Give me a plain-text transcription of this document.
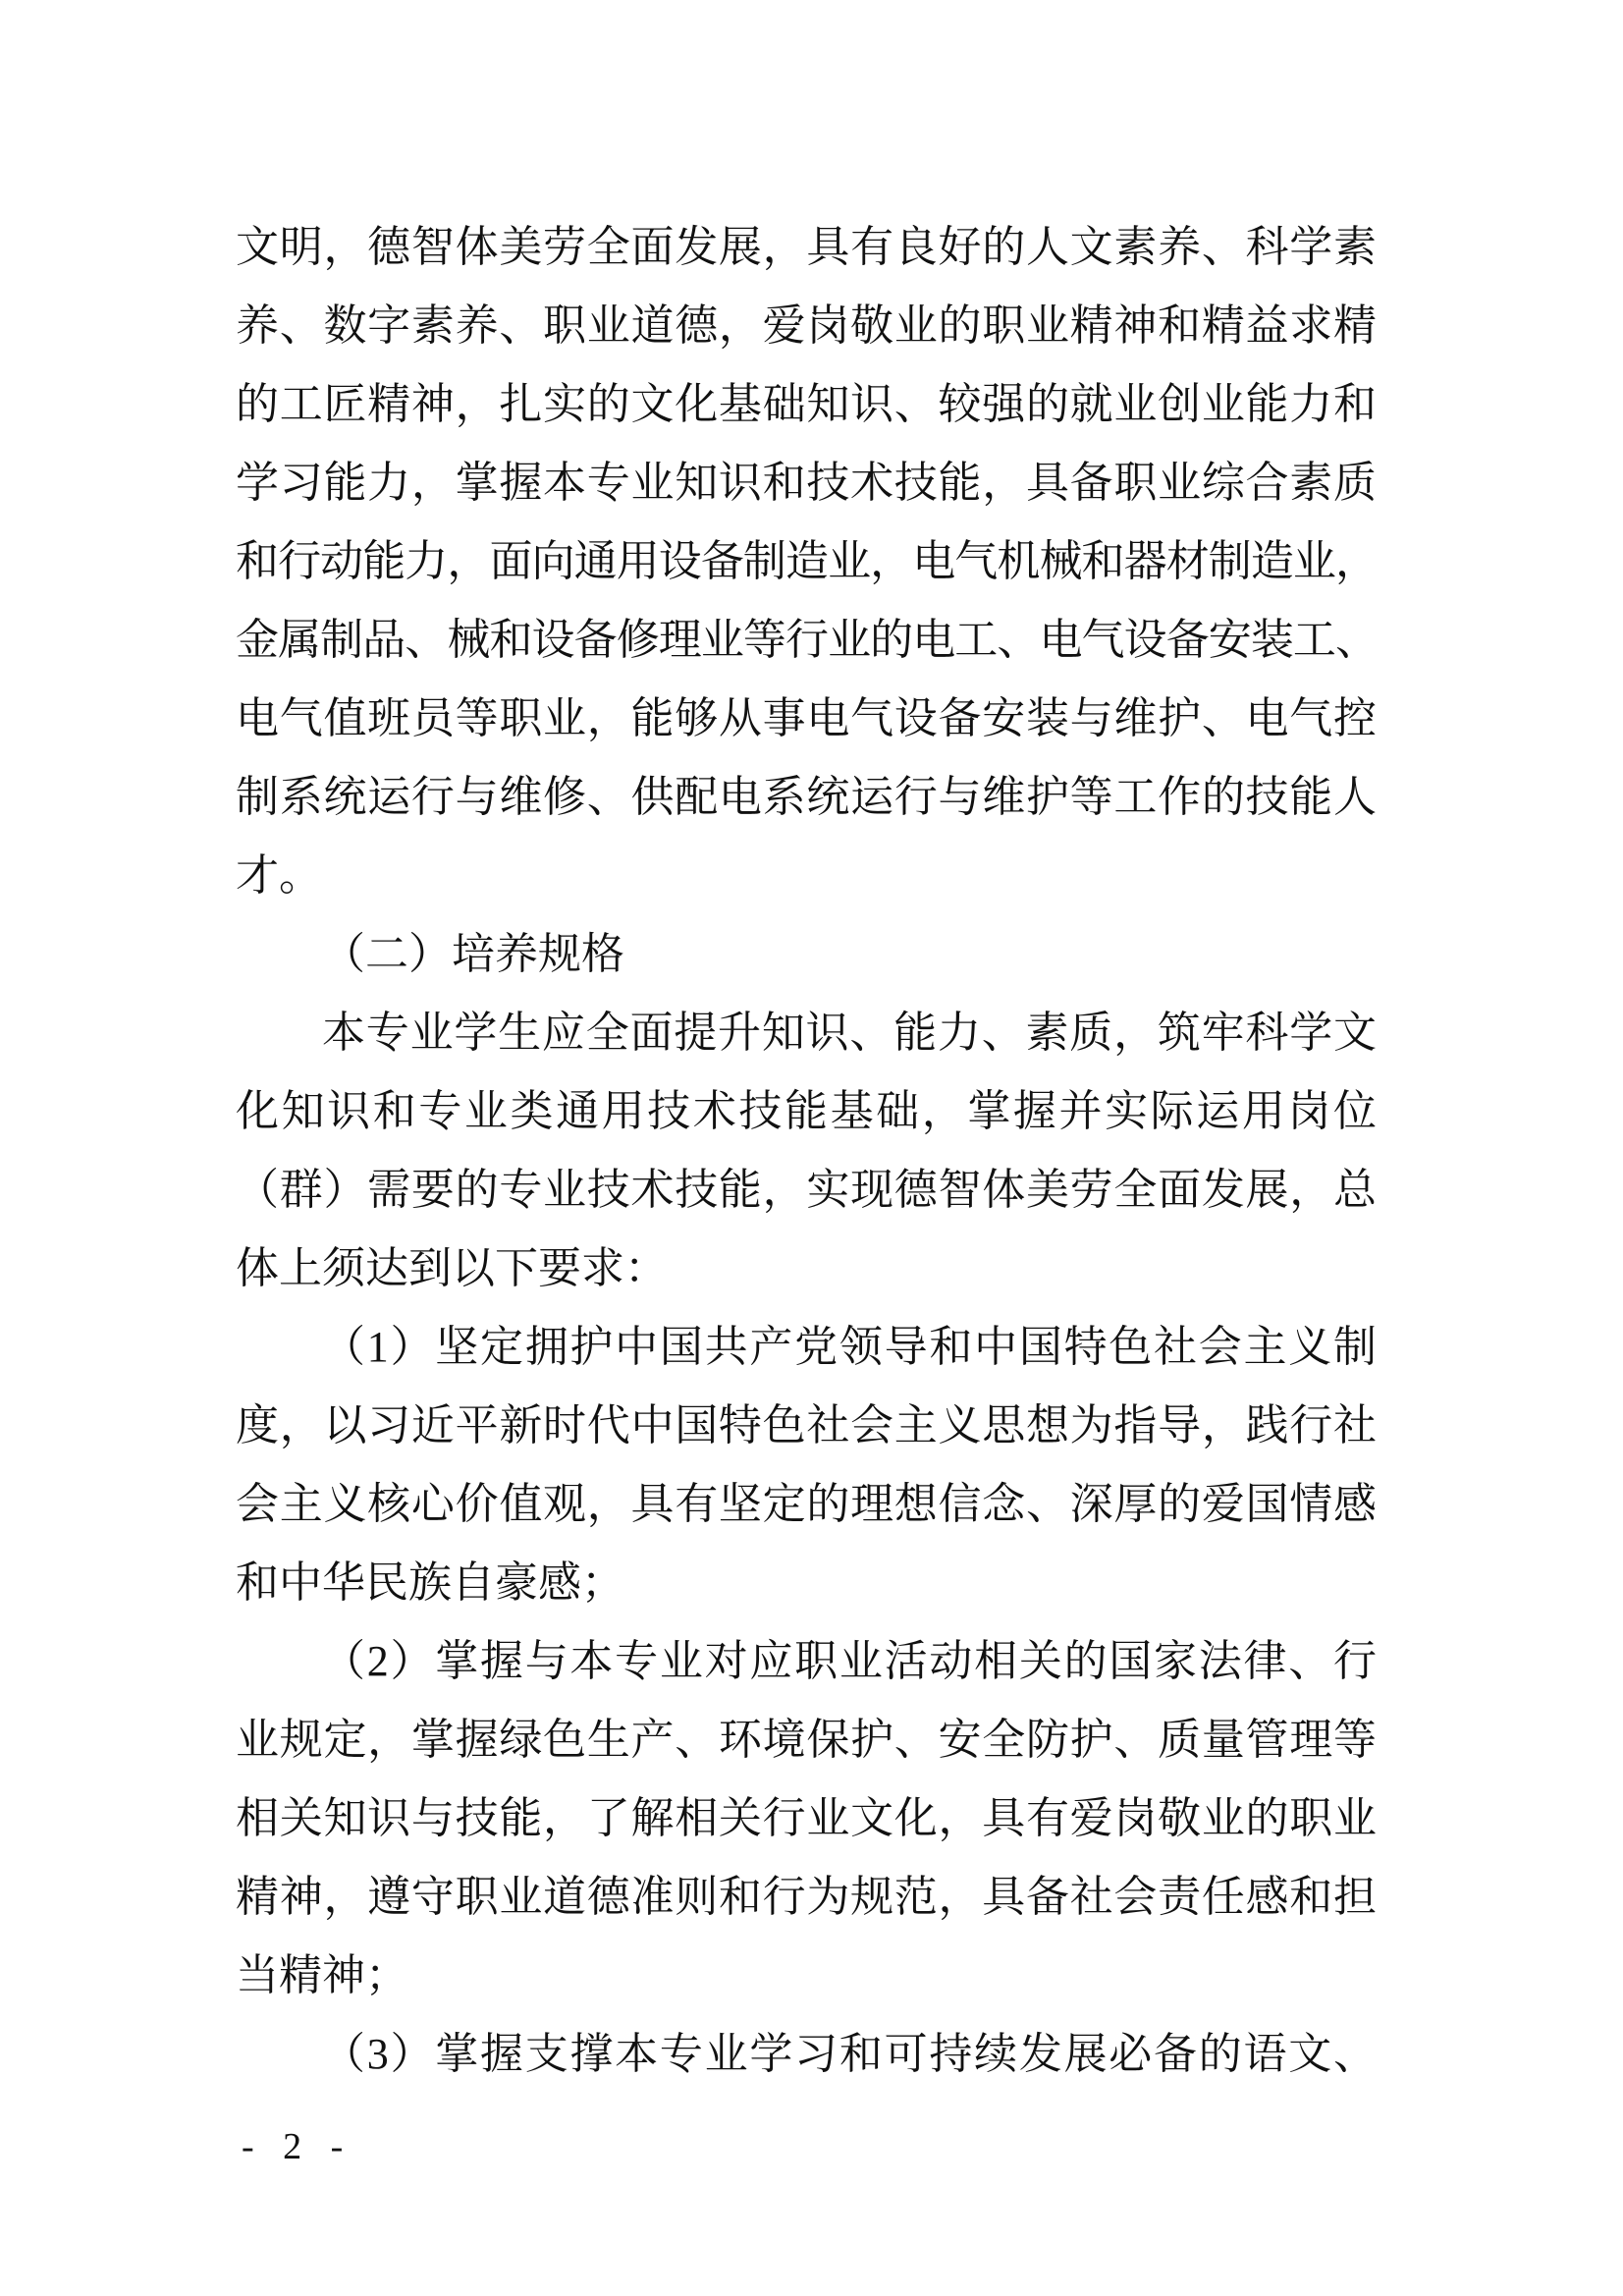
文明，德智体美劳全面发展，具有良好的人文素养、科学素
养、数字素养、职业道德，爱岗敬业的职业精神和精益求精
的工匠精神，扎实的文化基础知识、较强的就业创业能力和
学习能力，掌握本专业知识和技术技能，具备职业综合素质
和行动能力，面向通用设备制造业，电气机械和器材制造业，
金属制品、械和设备修理业等行业的电工、电气设备安装工、
电气值班员等职业，能够从事电气设备安装与维护、电气控
制系统运行与维修、供配电系统运行与维护等工作的技能人
才。
（二）培养规格
本专业学生应全面提升知识、能力、素质，筑牢科学文
化知识和专业类通用技术技能基础，掌握并实际运用岗位
（群）需要的专业技术技能，实现德智体美劳全面发展，总
体上须达到以下要求：
（1）坚定拥护中国共产党领导和中国特色社会主义制
度，以习近平新时代中国特色社会主义思想为指导，践行社
会主义核心价值观，具有坚定的理想信念、深厚的爱国情感
和中华民族自豪感；
（2）掌握与本专业对应职业活动相关的国家法律、行
业规定，掌握绿色生产、环境保护、安全防护、质量管理等
相关知识与技能，了解相关行业文化，具有爱岗敬业的职业
精神，遵守职业道德准则和行为规范，具备社会责任感和担
当精神；
（3）掌握支撑本专业学习和可持续发展必备的语文、
- 2 -
